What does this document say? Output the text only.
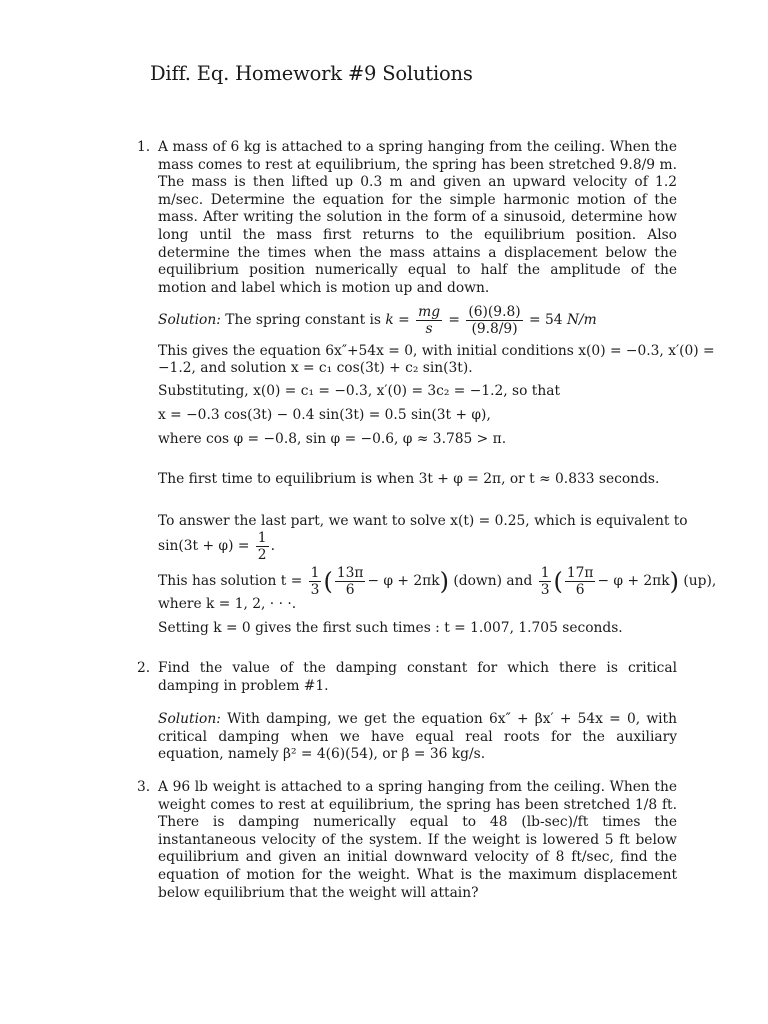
Diff. Eq. Homework #9 Solutions
1. A mass of 6 kg is attached to a spring hanging from the ceiling. When the mass comes to rest at equilibrium, the spring has been stretched 9.8/9 m. The mass is then lifted up 0.3 m and given an upward velocity of 1.2 m/sec. Determine the equation for the simple harmonic motion of the mass. After writing the solution in the form of a sinusoid, determine how long until the mass first returns to the equilibrium position. Also determine the times when the mass attains a displacement below the equilibrium position numerically equal to half the amplitude of the motion and label which is motion up and down.

Solution: The spring constant is $k = \frac{mg}{s} = \frac{(6)(9.8)}{(9.8/9)} = 54$ N/m
This gives the equation 6x″+54x = 0, with initial conditions x(0) = −0.3, x′(0) =
−1.2, and solution x = c₁ cos(3t) + c₂ sin(3t).
Substituting, x(0) = c₁ = −0.3, x′(0) = 3c₂ = −1.2, so that
x = −0.3 cos(3t) − 0.4 sin(3t) = 0.5 sin(3t + φ),
where cos φ = −0.8, sin φ = −0.6, φ ≈ 3.785 > π.
The first time to equilibrium is when 3t + φ = 2π, or t ≈ 0.833 seconds.
To answer the last part, we want to solve x(t) = 0.25, which is equivalent to
$\sin(3t + \varphi) = \frac{1}{2}$ .
This has solution $t = \frac{1}{3}$ ( $\frac{13\pi}{6} - \varphi + 2\pi k$) (down) and $\frac{1}{3}$ ( $\frac{17\pi}{6} - \varphi + 2\pi k$) (up),
where k = 1, 2, · · ·.
Setting k = 0 gives the first such times : t = 1.007, 1.705 seconds.
2. Find the value of the damping constant for which there is critical damping in problem #1.

Solution: With damping, we get the equation 6x″ + βx′ + 54x = 0, with critical damping when we have equal real roots for the auxiliary equation, namely β² = 4(6)(54), or β = 36 kg/s.

3. A 96 lb weight is attached to a spring hanging from the ceiling. When the weight comes to rest at equilibrium, the spring has been stretched 1/8 ft. There is damping numerically equal to 48 (lb-sec)/ft times the instantaneous velocity of the system. If the weight is lowered 5 ft below equilibrium and given an initial downward velocity of 8 ft/sec, find the equation of motion for the weight. What is the maximum displacement below equilibrium that the weight will attain?
